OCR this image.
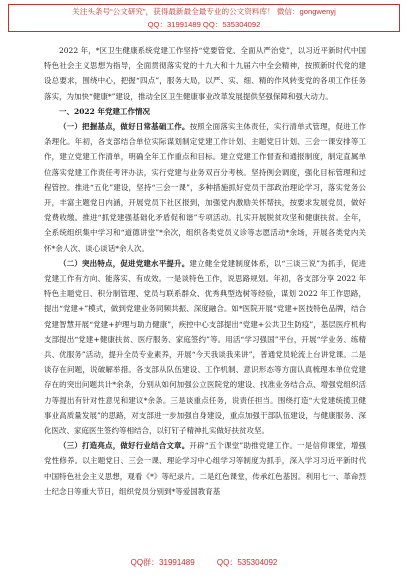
关注头条号“公文研究”，获得最新最全最专业的公文资料库！ 微信：gongwenyj
QQ：31991489 QQ：535304092

2022 年，*区卫生健康系统党建工作坚持“党要管党、全面从严治党”，以习近平新时代中国特色社会主义思想为指导，全面贯彻落实党的十九大和十九届六中全会精神，按照新时代党的建设总要求，围绕中心，把握“四点”，服务大局，以严、实、细、精的作风转变党的各项工作任务落实，为加快“健康*”建设，推动全区卫生健康事业改革发展提供坚强保障和强大动力。

一、2022 年党建工作情况

（一）把握基点，做好日常基础工作。按照全面落实主体责任，实行清单式管理，促进工作条理化。年初，各支部结合单位实际谋划制定党建工作计划、主题党日计划、三会一课安排等工作，建立党建工作清单，明确全年工作重点和目标。建立党建工作督查和通报制度，制定直属单位落实党建工作责任考评办法，实行党建与业务双百分考核。坚持例会调度，强化目标管理和过程管控。推进“五化”建设，坚持“三会一课”，多种措施抓好党员干部政治理论学习，落实党务公开，丰富主题党日内涵，开展党员下社区报到，加强党内激励关怀帮扶，按要求发展党员，做好党费收缴。推进“抓党建强基础化矛盾促和谐”专项活动。扎实开展脱贫攻坚和健康扶贫。全年，全系统组织集中学习和“道德讲堂”*余次，组织各类党员义诊等志愿活动*余场，开展各类党内关怀*余人次、谈心谈话*余人次。

（二）突出特点，促进党建水平提升。建立健全党建制度体系，以“三谈三说”为抓手，促进党建工作有方向、能落实、有成效。一是谈特色工作，说思路规划。年初，各支部分享 2022 年特色主题党日、积分制管理、党员与联系群众、优秀典型选树等经验，谋划 2022 年工作思路，提出“党建+”模式，做到党建业务同频共振、深度融合。如*医院开展“党建+医技特色品牌，结合党建智慧开展“党建+护理与助力健康”，疾控中心支部提出“党建+公共卫生防疫”，基层医疗机构支部提出“党建+健康扶贫、医疗服务、家庭签约”等。用活“学习强国”平台，开展“学业务、练精兵、优服务”活动，提升全员专业素养，开展“今天我谈我来讲”，普通党员轮流上台讲党课。二是谈存在问题，说破解举措。各支部从队伍建设、工作机制、意识形态等方面认真梳理本单位党建存在的突出问题共计*余条，分别从如何加强公立医院党的建设、找准业务结合点、增强党组织活力等提出有针对性意见和建议*余条。三是谈重点任务，说责任担当。围绕打造“大党建统揽卫健事业高质量发展”的思路，对支部进一步加强自身建设，重点加强干部队伍建设，与健康服务、深化医改、家庭医生签约等相结合，以钉钉子精神扎实做好扶贫攻坚。

（三）打造亮点，做好行业结合文章。开辟“五个课堂”助推党建工作。一是信仰课堂，增强党性修养。以主题党日、三会一课、理论学习中心组学习等制度为抓手，深入学习习近平新时代中国特色社会主义思想，观看《*》等纪录片。二是红色课堂，传承红色基因。利用七一、革命烈士纪念日等重大节日，组织党员分别到*等爱国教育基

QQ群：31991489	QQ：535304092
